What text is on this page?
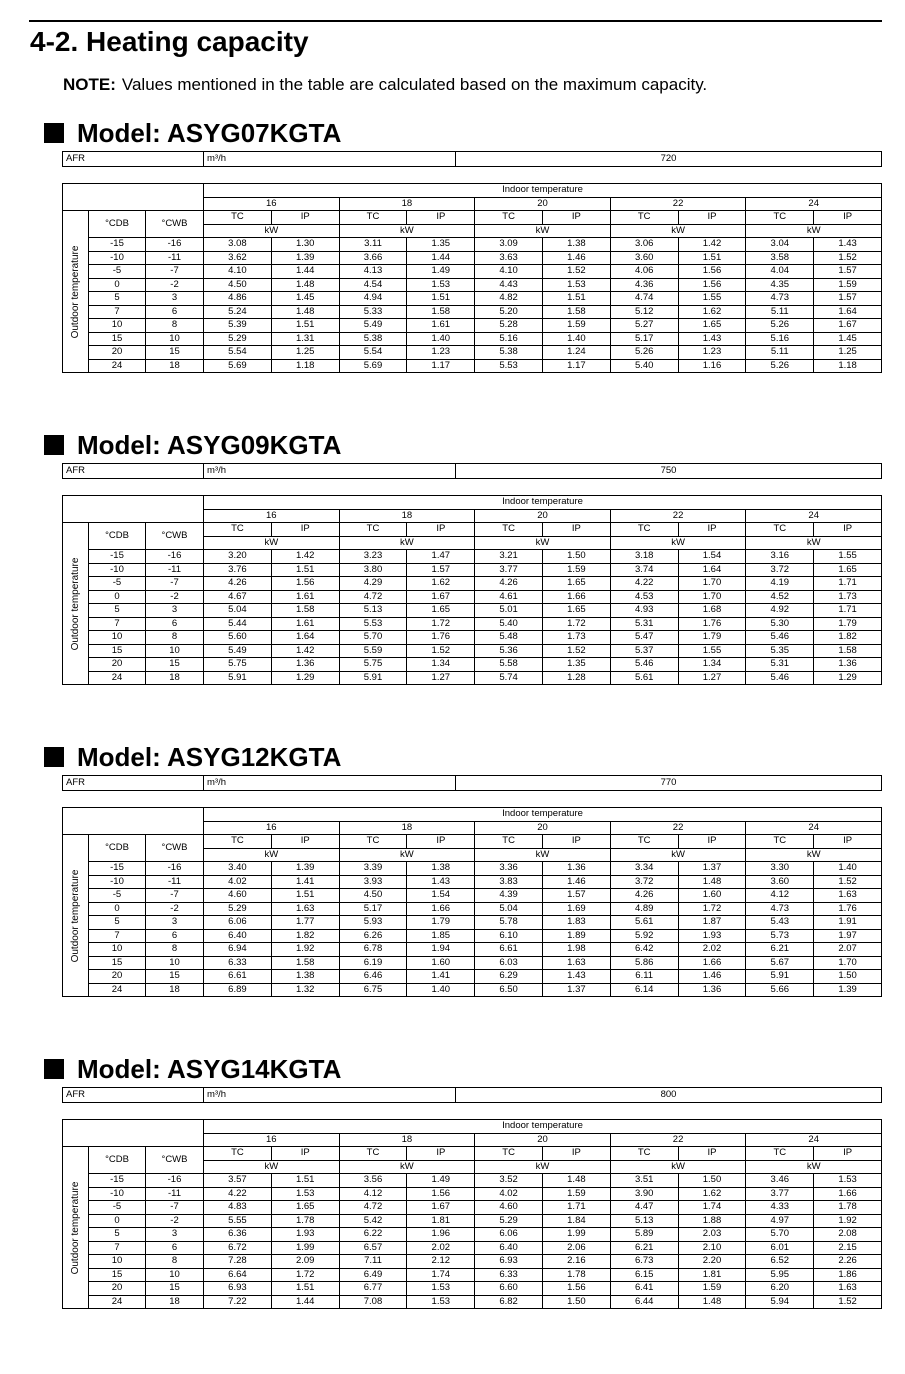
4-2. Heating capacity
NOTE: Values mentioned in the table are calculated based on the maximum capacity.
Model: ASYG07KGTA
AFR	m³/h	720
			Indoor temperature									
			16		18		20		22		24	

Outdoor temperature	°CDB	°CWB	TC	IP	TC	IP	TC	IP	TC	IP	TC	IP
			kW		kW		kW		kW		kW	
	-15	-16	3.08	1.30	3.11	1.35	3.09	1.38	3.06	1.42	3.04	1.43
	-10	-11	3.62	1.39	3.66	1.44	3.63	1.46	3.60	1.51	3.58	1.52
	-5	-7	4.10	1.44	4.13	1.49	4.10	1.52	4.06	1.56	4.04	1.57
	0	-2	4.50	1.48	4.54	1.53	4.43	1.53	4.36	1.56	4.35	1.59
	5	3	4.86	1.45	4.94	1.51	4.82	1.51	4.74	1.55	4.73	1.57
	7	6	5.24	1.48	5.33	1.58	5.20	1.58	5.12	1.62	5.11	1.64
	10	8	5.39	1.51	5.49	1.61	5.28	1.59	5.27	1.65	5.26	1.67
	15	10	5.29	1.31	5.38	1.40	5.16	1.40	5.17	1.43	5.16	1.45
	20	15	5.54	1.25	5.54	1.23	5.38	1.24	5.26	1.23	5.11	1.25
	24	18	5.69	1.18	5.69	1.17	5.53	1.17	5.40	1.16	5.26	1.18
Model: ASYG09KGTA
AFR	m³/h	750
			Indoor temperature									
			16		18		20		22		24	

Outdoor temperature	°CDB	°CWB	TC	IP	TC	IP	TC	IP	TC	IP	TC	IP
			kW		kW		kW		kW		kW	
	-15	-16	3.20	1.42	3.23	1.47	3.21	1.50	3.18	1.54	3.16	1.55
	-10	-11	3.76	1.51	3.80	1.57	3.77	1.59	3.74	1.64	3.72	1.65
	-5	-7	4.26	1.56	4.29	1.62	4.26	1.65	4.22	1.70	4.19	1.71
	0	-2	4.67	1.61	4.72	1.67	4.61	1.66	4.53	1.70	4.52	1.73
	5	3	5.04	1.58	5.13	1.65	5.01	1.65	4.93	1.68	4.92	1.71
	7	6	5.44	1.61	5.53	1.72	5.40	1.72	5.31	1.76	5.30	1.79
	10	8	5.60	1.64	5.70	1.76	5.48	1.73	5.47	1.79	5.46	1.82
	15	10	5.49	1.42	5.59	1.52	5.36	1.52	5.37	1.55	5.35	1.58
	20	15	5.75	1.36	5.75	1.34	5.58	1.35	5.46	1.34	5.31	1.36
	24	18	5.91	1.29	5.91	1.27	5.74	1.28	5.61	1.27	5.46	1.29
Model: ASYG12KGTA
AFR	m³/h	770
			Indoor temperature									
			16		18		20		22		24	

Outdoor temperature	°CDB	°CWB	TC	IP	TC	IP	TC	IP	TC	IP	TC	IP
			kW		kW		kW		kW		kW	
	-15	-16	3.40	1.39	3.39	1.38	3.36	1.36	3.34	1.37	3.30	1.40
	-10	-11	4.02	1.41	3.93	1.43	3.83	1.46	3.72	1.48	3.60	1.52
	-5	-7	4.60	1.51	4.50	1.54	4.39	1.57	4.26	1.60	4.12	1.63
	0	-2	5.29	1.63	5.17	1.66	5.04	1.69	4.89	1.72	4.73	1.76
	5	3	6.06	1.77	5.93	1.79	5.78	1.83	5.61	1.87	5.43	1.91
	7	6	6.40	1.82	6.26	1.85	6.10	1.89	5.92	1.93	5.73	1.97
	10	8	6.94	1.92	6.78	1.94	6.61	1.98	6.42	2.02	6.21	2.07
	15	10	6.33	1.58	6.19	1.60	6.03	1.63	5.86	1.66	5.67	1.70
	20	15	6.61	1.38	6.46	1.41	6.29	1.43	6.11	1.46	5.91	1.50
	24	18	6.89	1.32	6.75	1.40	6.50	1.37	6.14	1.36	5.66	1.39
Model: ASYG14KGTA
AFR	m³/h	800
			Indoor temperature									
			16		18		20		22		24	

Outdoor temperature	°CDB	°CWB	TC	IP	TC	IP	TC	IP	TC	IP	TC	IP
			kW		kW		kW		kW		kW	
	-15	-16	3.57	1.51	3.56	1.49	3.52	1.48	3.51	1.50	3.46	1.53
	-10	-11	4.22	1.53	4.12	1.56	4.02	1.59	3.90	1.62	3.77	1.66
	-5	-7	4.83	1.65	4.72	1.67	4.60	1.71	4.47	1.74	4.33	1.78
	0	-2	5.55	1.78	5.42	1.81	5.29	1.84	5.13	1.88	4.97	1.92
	5	3	6.36	1.93	6.22	1.96	6.06	1.99	5.89	2.03	5.70	2.08
	7	6	6.72	1.99	6.57	2.02	6.40	2.06	6.21	2.10	6.01	2.15
	10	8	7.28	2.09	7.11	2.12	6.93	2.16	6.73	2.20	6.52	2.26
	15	10	6.64	1.72	6.49	1.74	6.33	1.78	6.15	1.81	5.95	1.86
	20	15	6.93	1.51	6.77	1.53	6.60	1.56	6.41	1.59	6.20	1.63
	24	18	7.22	1.44	7.08	1.53	6.82	1.50	6.44	1.48	5.94	1.52
